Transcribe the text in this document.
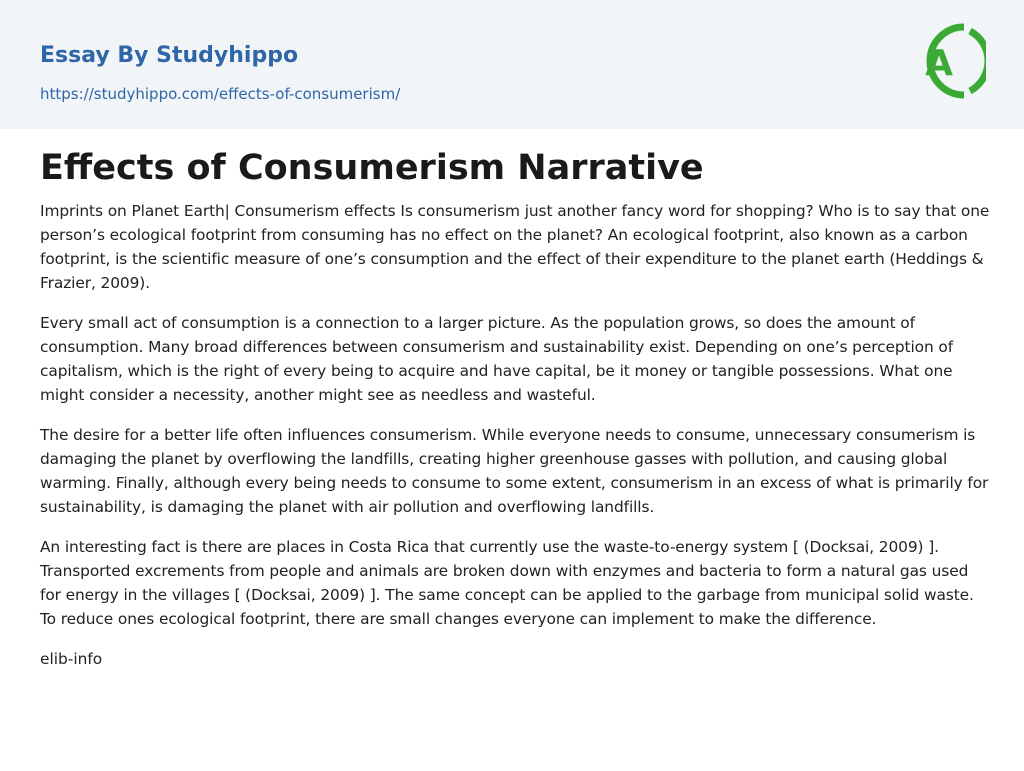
Essay By Studyhippo
https://studyhippo.com/effects-of-consumerism/
A
Effects of Consumerism Narrative

Imprints on Planet Earth| Consumerism effects Is consumerism just another fancy word for shopping? Who is to say that one person’s ecological footprint from consuming has no effect on the planet? An ecological footprint, also known as a carbon footprint, is the scientific measure of one’s consumption and the effect of their expenditure to the planet earth (Heddings & Frazier, 2009).

Every small act of consumption is a connection to a larger picture. As the population grows, so does the amount of consumption. Many broad differences between consumerism and sustainability exist. Depending on one’s perception of capitalism, which is the right of every being to acquire and have capital, be it money or tangible possessions. What one might consider a necessity, another might see as needless and wasteful.

The desire for a better life often influences consumerism. While everyone needs to consume, unnecessary consumerism is damaging the planet by overflowing the landfills, creating higher greenhouse gasses with pollution, and causing global warming. Finally, although every being needs to consume to some extent, consumerism in an excess of what is primarily for sustainability, is damaging the planet with air pollution and overflowing landfills.

An interesting fact is there are places in Costa Rica that currently use the waste-to-energy system [ (Docksai, 2009) ]. Transported excrements from people and animals are broken down with enzymes and bacteria to form a natural gas used for energy in the villages [ (Docksai, 2009) ]. The same concept can be applied to the garbage from municipal solid waste. To reduce ones ecological footprint, there are small changes everyone can implement to make the difference.

elib-info
